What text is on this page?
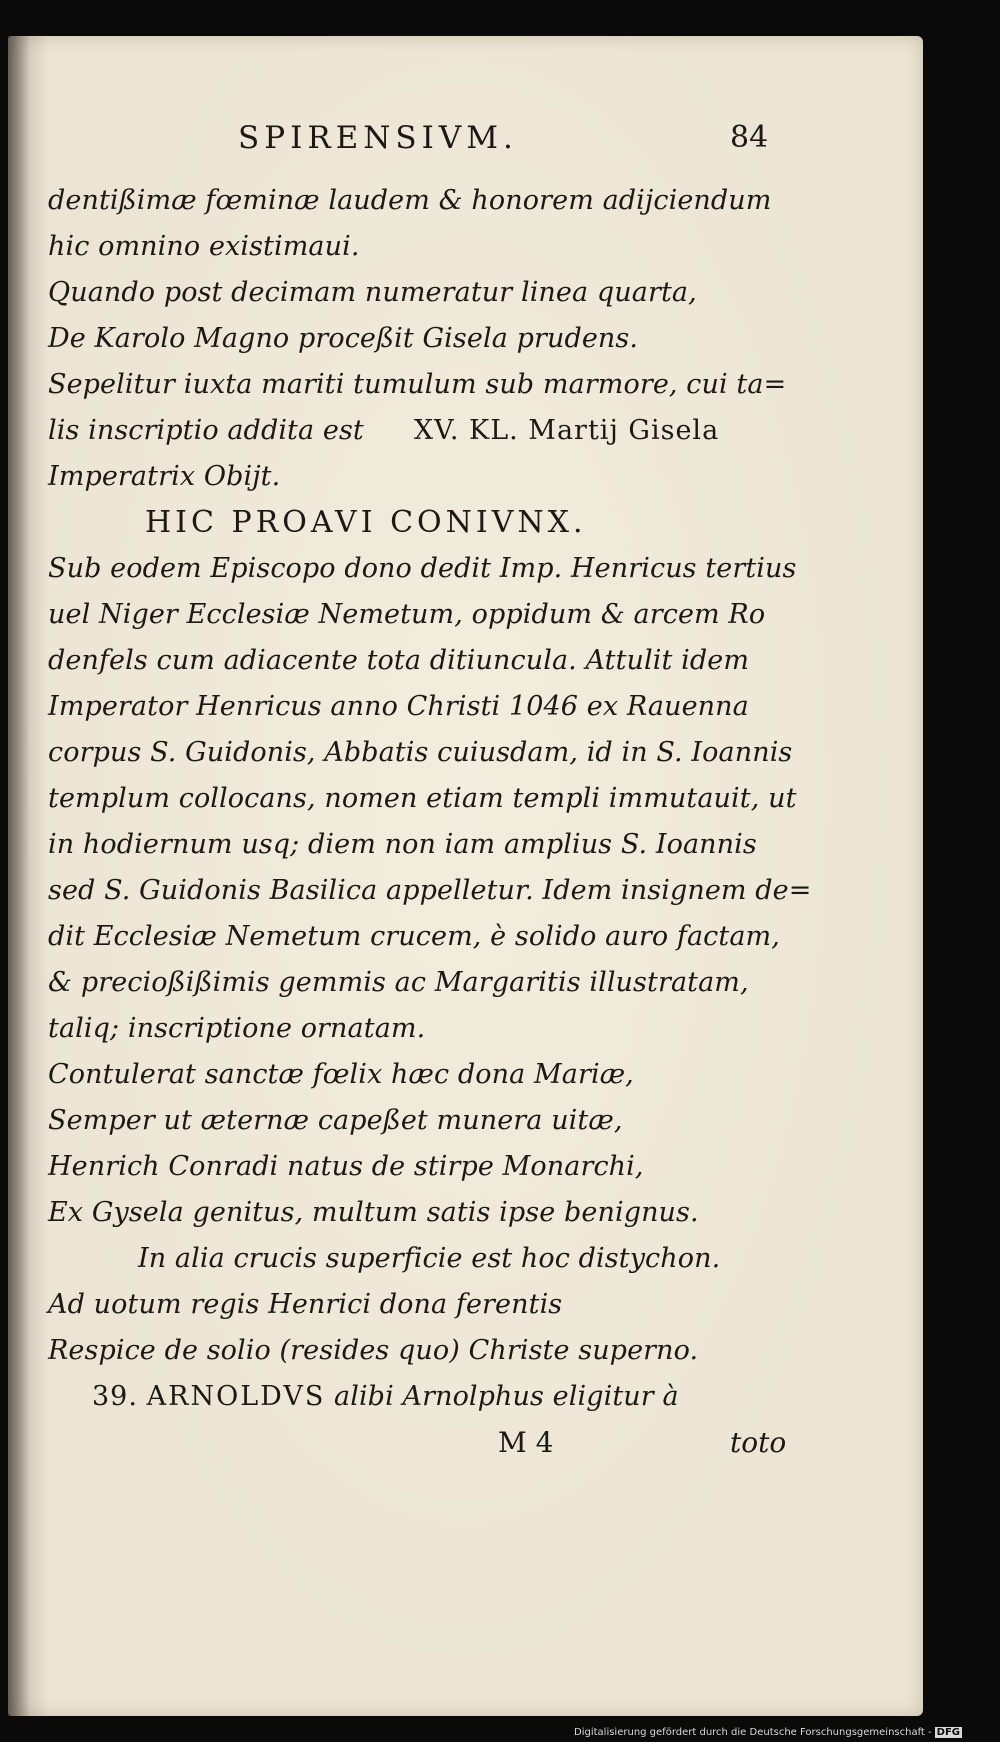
SPIRENSIVM.	84
dentißimæ fœminæ laudem & honorem adijciendum
hic omnino existimaui.
Quando post decimam numeratur linea quarta,
De Karolo Magno proceßit Gisela prudens.
Sepelitur iuxta mariti tumulum sub marmore, cui ta=
lis inscriptio addita est XV. KL. Martij Gisela
Imperatrix Obijt.
HIC PROAVI CONIVNX.
Sub eodem Episcopo dono dedit Imp. Henricus tertius
uel Niger Ecclesiæ Nemetum, oppidum & arcem Ro
denfels cum adiacente tota ditiuncula. Attulit idem
Imperator Henricus anno Christi 1046 ex Rauenna
corpus S. Guidonis, Abbatis cuiusdam, id in S. Ioannis
templum collocans, nomen etiam templi immutauit, ut
in hodiernum usq; diem non iam amplius S. Ioannis
sed S. Guidonis Basilica appelletur. Idem insignem de=
dit Ecclesiæ Nemetum crucem, è solido auro factam,
& precioßißimis gemmis ac Margaritis illustratam,
taliq; inscriptione ornatam.
Contulerat sanctæ fœlix hæc dona Mariæ,
Semper ut æternæ capeßet munera uitæ,
Henrich Conradi natus de stirpe Monarchi,
Ex Gysela genitus, multum satis ipse benignus.
In alia crucis superficie est hoc distychon.
Ad uotum regis Henrici dona ferentis
Respice de solio (resides quo) Christe superno.
39. ARNOLDVS alibi Arnolphus eligitur à
M 4	toto
Digitalisierung gefördert durch die Deutsche Forschungsgemeinschaft - DFG
